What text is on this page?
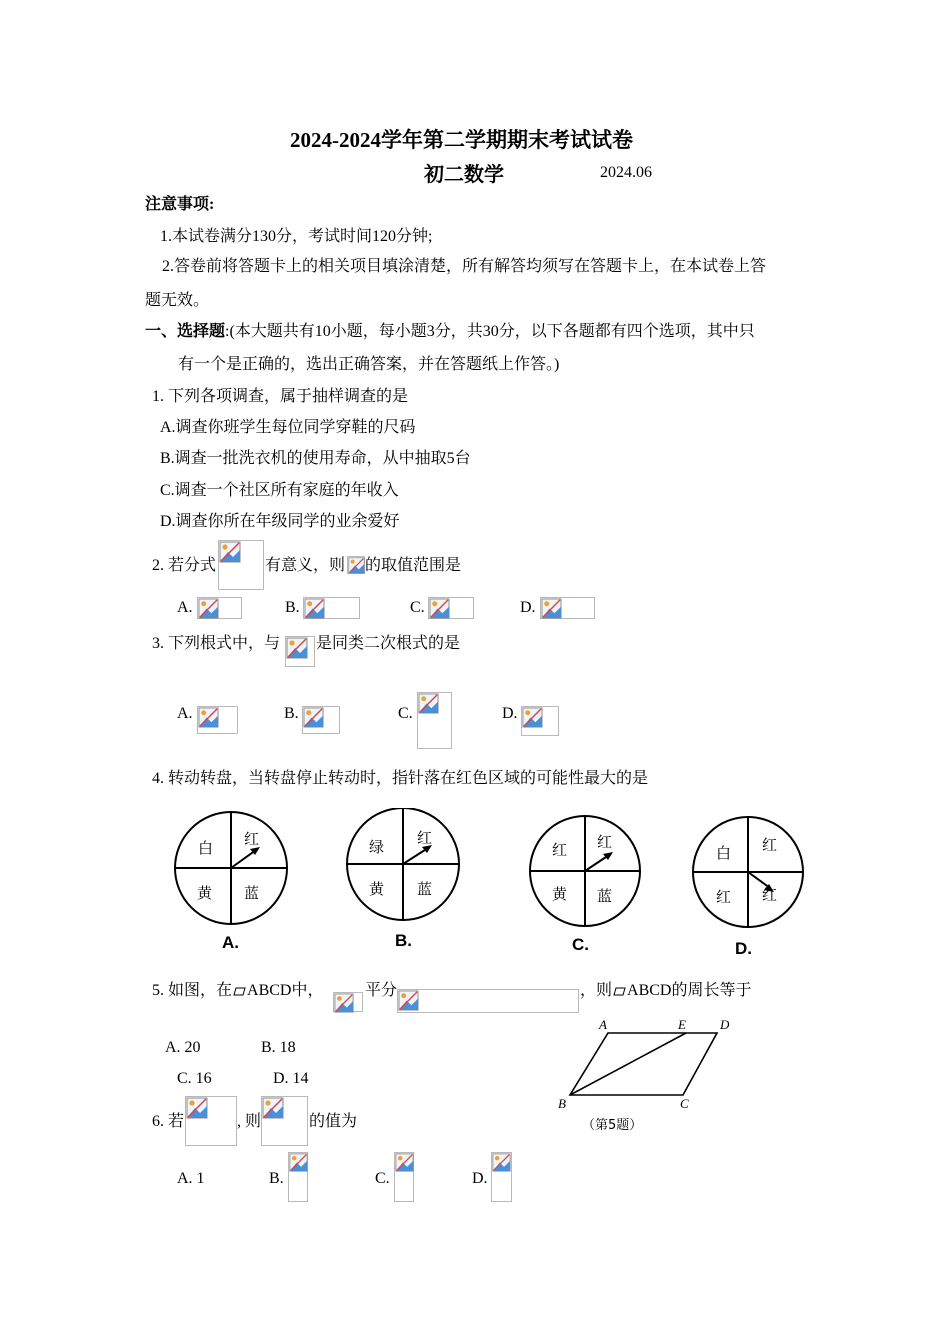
2024-2024学年第二学期期末考试试卷
初二数学	2024.06
注意事项:
1.本试卷满分130分，考试时间120分钟;
2.答卷前将答题卡上的相关项目填涂清楚，所有解答均须写在答题卡上，在本试卷上答
题无效。
一、选择题:(本大题共有10小题，每小题3分，共30分，以下各题都有四个选项，其中只
有一个是正确的，选出正确答案，并在答题纸上作答。)
1. 下列各项调查，属于抽样调查的是
A.调查你班学生每位同学穿鞋的尺码
B.调查一批洗衣机的使用寿命，从中抽取5台
C.调查一个社区所有家庭的年收入
D.调查你所在年级同学的业余爱好
2. 若分式	有意义，则 的取值范围是
A.	B.	C.	D.
3. 下列根式中，与 是同类二次根式的是
A.	B.	C.	D.
4. 转动转盘，当转盘停止转动时，指针落在红色区域的可能性最大的是
白 红
黄 蓝
A.
绿 红
黄 蓝
B.
红 红
黄 蓝
C.
白 红
红 红
D.
5. 如图，在 ABCD中，	平分	，则 ABCD的周长等于
A. 20	B. 18
C. 16	D. 14
A	E	D
B	C
（第5题）
6. 若	, 则	的值为
A. 1	B.	C.	D.
